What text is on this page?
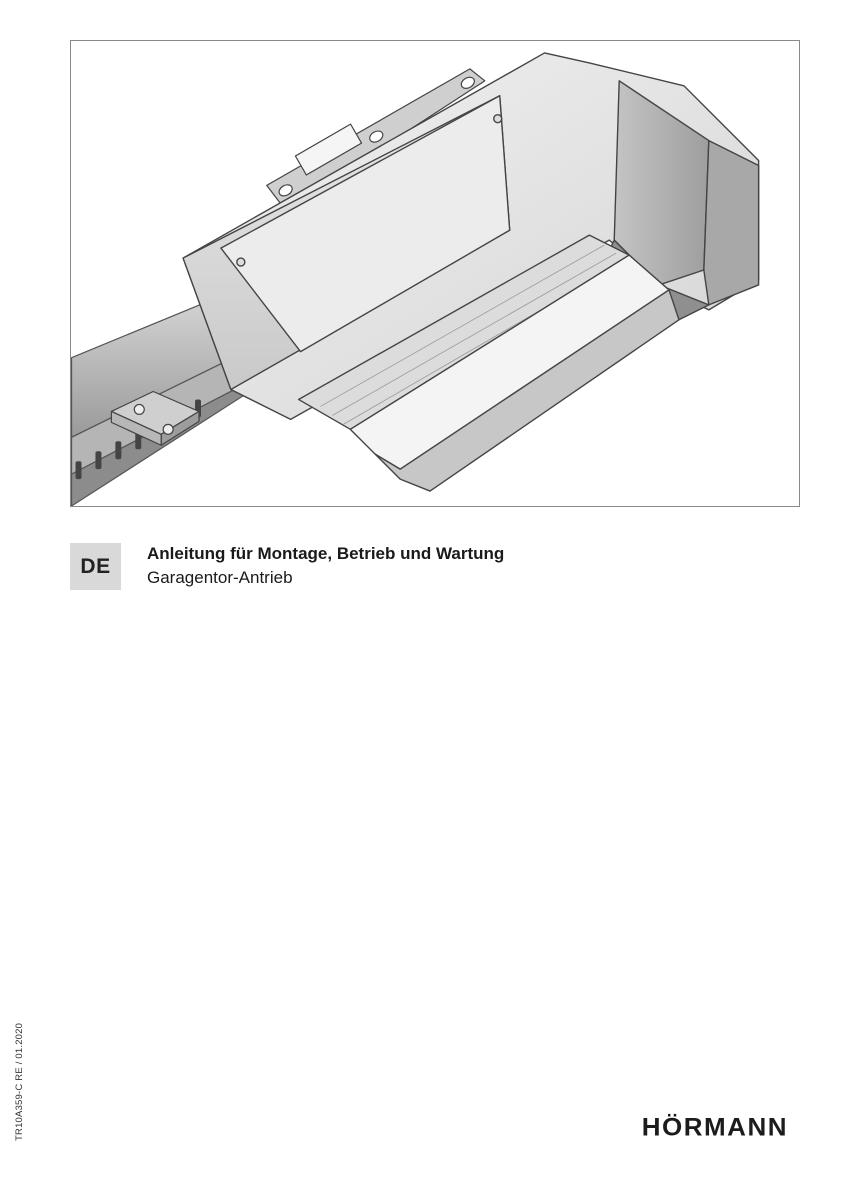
DE
Anleitung für Montage, Betrieb und Wartung
Garagentor-Antrieb
TR10A359-C RE / 01.2020	HÖRMANN
